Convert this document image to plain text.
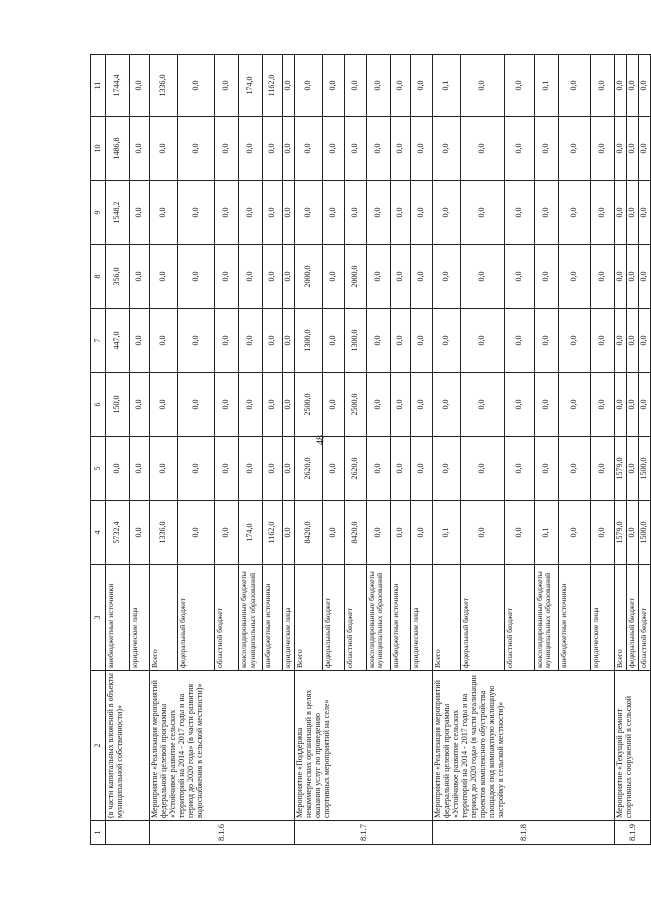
48
1	2	3	4	5	6	7	8	9	10	11
	(в части капитальных вложений в объекты муниципальной собственности)»	внебюджетные источники	5732,4	0,0	150,0	447,0	356,0	1548,2	1486,8	1744,4
		юридические лица	0,0	0,0	0,0	0,0	0,0	0,0	0,0	0,0
8.1.6	Мероприятие «Реализация мероприятий федеральной целевой программы «Устойчивое развитие сельских территорий на 2014 - 2017 годы и на период до 2020 года» (в части развития водоснабжения в сельской местности)»	Всего	1336,0	0,0	0,0	0,0	0,0	0,0	0,0	1336,0
		федеральный бюджет	0,0	0,0	0,0	0,0	0,0	0,0	0,0	0,0
		областной бюджет	0,0	0,0	0,0	0,0	0,0	0,0	0,0	0,0
		консолидированные бюджеты муниципальных образований	174,0	0,0	0,0	0,0	0,0	0,0	0,0	174,0
		внебюджетные источники	1162,0	0,0	0,0	0,0	0,0	0,0	0,0	1162,0
		юридические лица	0,0	0,0	0,0	0,0	0,0	0,0	0,0	0,0
8.1.7	Мероприятие «Поддержка некоммерческих организаций в целях оказания услуг по проведению спортивных мероприятий на селе»	Всего	8420,0	2620,0	2500,0	1300,0	2000,0	0,0	0,0	0,0
		федеральный бюджет	0,0	0,0	0,0	0,0	0,0	0,0	0,0	0,0
		областной бюджет	8420,0	2620,0	2500,0	1300,0	2000,0	0,0	0,0	0,0
		консолидированные бюджеты муниципальных образований	0,0	0,0	0,0	0,0	0,0	0,0	0,0	0,0
		внебюджетные источники	0,0	0,0	0,0	0,0	0,0	0,0	0,0	0,0
		юридические лица	0,0	0,0	0,0	0,0	0,0	0,0	0,0	0,0
8.1.8	Мероприятие «Реализация мероприятий федеральной целевой программы «Устойчивое развитие сельских территорий на 2014 - 2017 годы и на период до 2020 года» (в части реализации проектов комплексного обустройства площадок под компактную жилищную застройку в сельской местности)»	Всего	0,1	0,0	0,0	0,0	0,0	0,0	0,0	0,1
		федеральный бюджет	0,0	0,0	0,0	0,0	0,0	0,0	0,0	0,0
		областной бюджет	0,0	0,0	0,0	0,0	0,0	0,0	0,0	0,0
		консолидированные бюджеты муниципальных образований	0,1	0,0	0,0	0,0	0,0	0,0	0,0	0,1
		внебюджетные источники	0,0	0,0	0,0	0,0	0,0	0,0	0,0	0,0
		юридические лица	0,0	0,0	0,0	0,0	0,0	0,0	0,0	0,0
8.1.9	Мероприятие «Текущий ремонт спортивных сооружений в сельской	Всего	1579,0	1579,0	0,0	0,0	0,0	0,0	0,0	0,0
		федеральный бюджет	0,0	0,0	0,0	0,0	0,0	0,0	0,0	0,0
		областной бюджет	1500,0	1500,0	0,0	0,0	0,0	0,0	0,0	0,0
